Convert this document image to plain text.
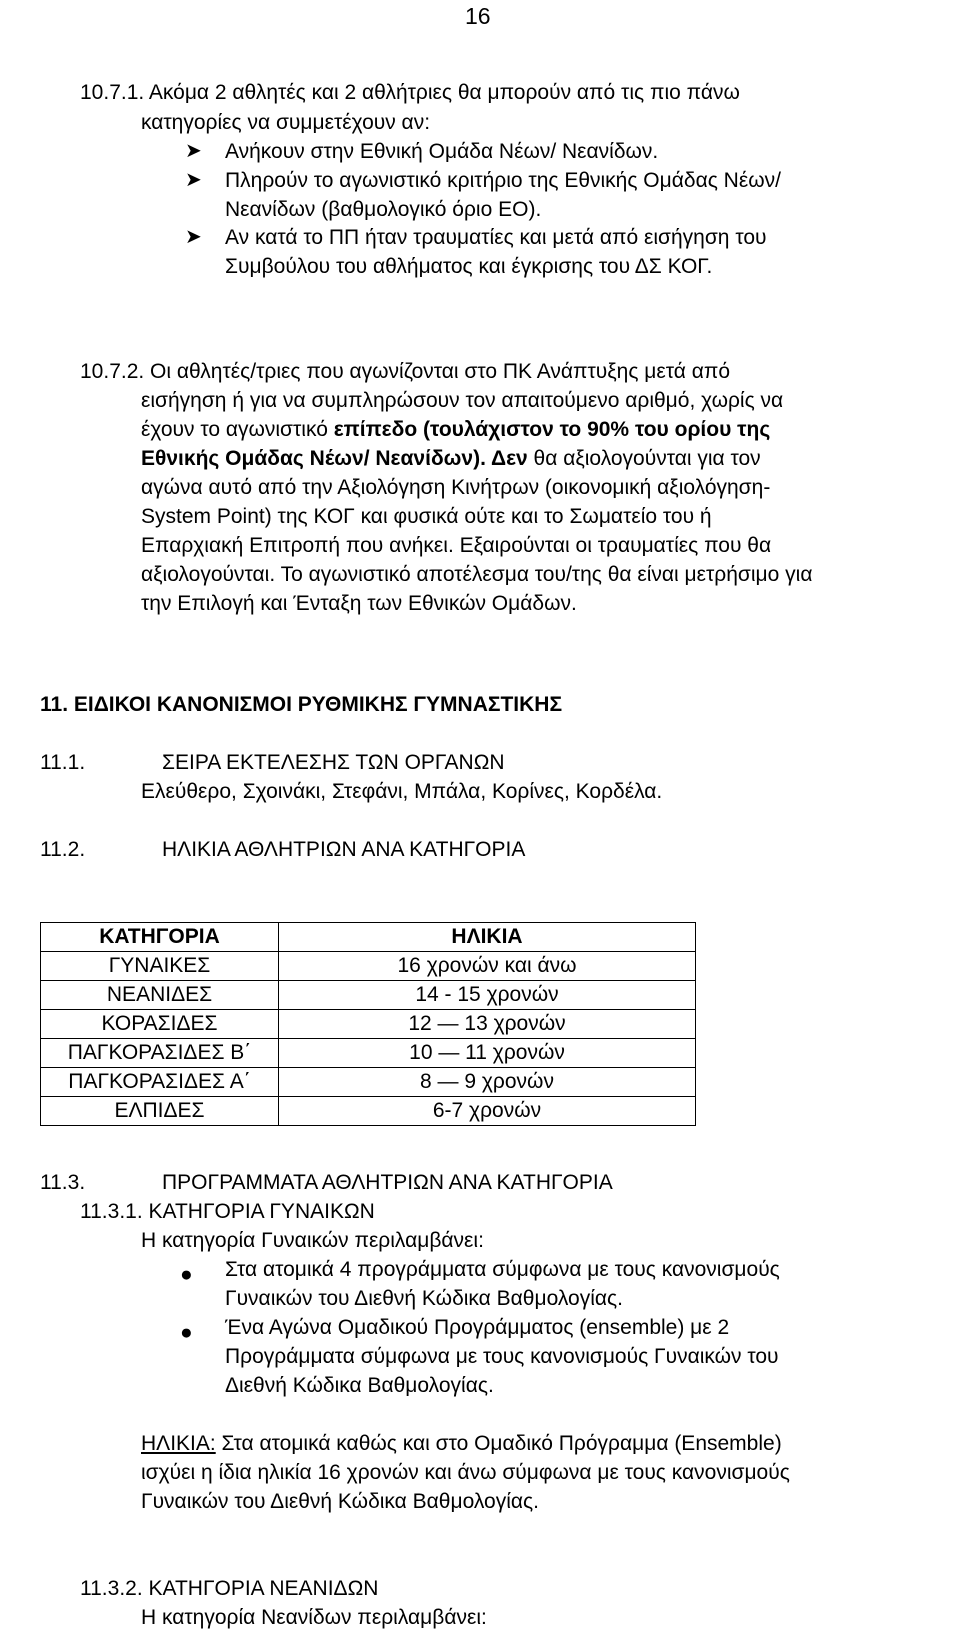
16
10.7.1. Ακόμα 2 αθλητές και 2 αθλήτριες θα μπορούν από τις πιο πάνω
κατηγορίες να συμμετέχουν αν:
➤ Ανήκουν στην Εθνική Ομάδα Νέων/ Νεανίδων.
➤ Πληρούν το αγωνιστικό κριτήριο της Εθνικής Ομάδας Νέων/
Νεανίδων (βαθμολογικό όριο ΕΟ).
➤ Αν κατά το ΠΠ ήταν τραυματίες και μετά από εισήγηση του
Συμβούλου του αθλήματος και έγκρισης του ΔΣ ΚΟΓ.
10.7.2. Οι αθλητές/τριες που αγωνίζονται στο ΠΚ Ανάπτυξης μετά από
εισήγηση ή για να συμπληρώσουν τον απαιτούμενο αριθμό, χωρίς να
έχουν το αγωνιστικό επίπεδο (τουλάχιστον το 90% του ορίου της
Εθνικής Ομάδας Νέων/ Νεανίδων). Δεν θα αξιολογούνται για τον
αγώνα αυτό από την Αξιολόγηση Κινήτρων (οικονομική αξιολόγηση-
System Point) της ΚΟΓ και φυσικά ούτε και το Σωματείο του ή
Επαρχιακή Επιτροπή που ανήκει. Εξαιρούνται οι τραυματίες που θα
αξιολογούνται. Το αγωνιστικό αποτέλεσμα του/της θα είναι μετρήσιμο για
την Επιλογή και Ένταξη των Εθνικών Ομάδων.
11. ΕΙΔΙΚΟΙ ΚΑΝΟΝΙΣΜΟΙ ΡΥΘΜΙΚΗΣ ΓΥΜΝΑΣΤΙΚΗΣ
11.1.	ΣΕΙΡΑ ΕΚΤΕΛΕΣΗΣ ΤΩΝ ΟΡΓΑΝΩΝ
Ελεύθερο, Σχοινάκι, Στεφάνι, Μπάλα, Κορίνες, Κορδέλα.
11.2.	ΗΛΙΚΙΑ ΑΘΛΗΤΡΙΩΝ ΑΝΑ ΚΑΤΗΓΟΡΙΑ
ΚΑΤΗΓΟΡΙΑ	ΗΛΙΚΙΑ
ΓΥΝΑΙΚΕΣ	16 χρονών και άνω
ΝΕΑΝΙΔΕΣ	14 - 15 χρονών
ΚΟΡΑΣΙΔΕΣ	12 — 13 χρονών
ΠΑΓΚΟΡΑΣΙΔΕΣ Β΄	10 — 11 χρονών
ΠΑΓΚΟΡΑΣΙΔΕΣ Α΄	8 — 9 χρονών
ΕΛΠΙΔΕΣ	6-7 χρονών
11.3.	ΠΡΟΓΡΑΜΜΑΤΑ ΑΘΛΗΤΡΙΩΝ ΑΝΑ ΚΑΤΗΓΟΡΙΑ
11.3.1. ΚΑΤΗΓΟΡΙΑ ΓΥΝΑΙΚΩΝ
Η κατηγορία Γυναικών περιλαμβάνει:
● Στα ατομικά 4 προγράμματα σύμφωνα με τους κανονισμούς
Γυναικών του Διεθνή Κώδικα Βαθμολογίας.
● Ένα Αγώνα Ομαδικού Προγράμματος (ensemble) με 2
Προγράμματα σύμφωνα με τους κανονισμούς Γυναικών του
Διεθνή Κώδικα Βαθμολογίας.
ΗΛΙΚΙΑ: Στα ατομικά καθώς και στο Ομαδικό Πρόγραμμα (Ensemble)
ισχύει η ίδια ηλικία 16 χρονών και άνω σύμφωνα με τους κανονισμούς
Γυναικών του Διεθνή Κώδικα Βαθμολογίας.
11.3.2. ΚΑΤΗΓΟΡΙΑ ΝΕΑΝΙΔΩΝ
Η κατηγορία Νεανίδων περιλαμβάνει:
